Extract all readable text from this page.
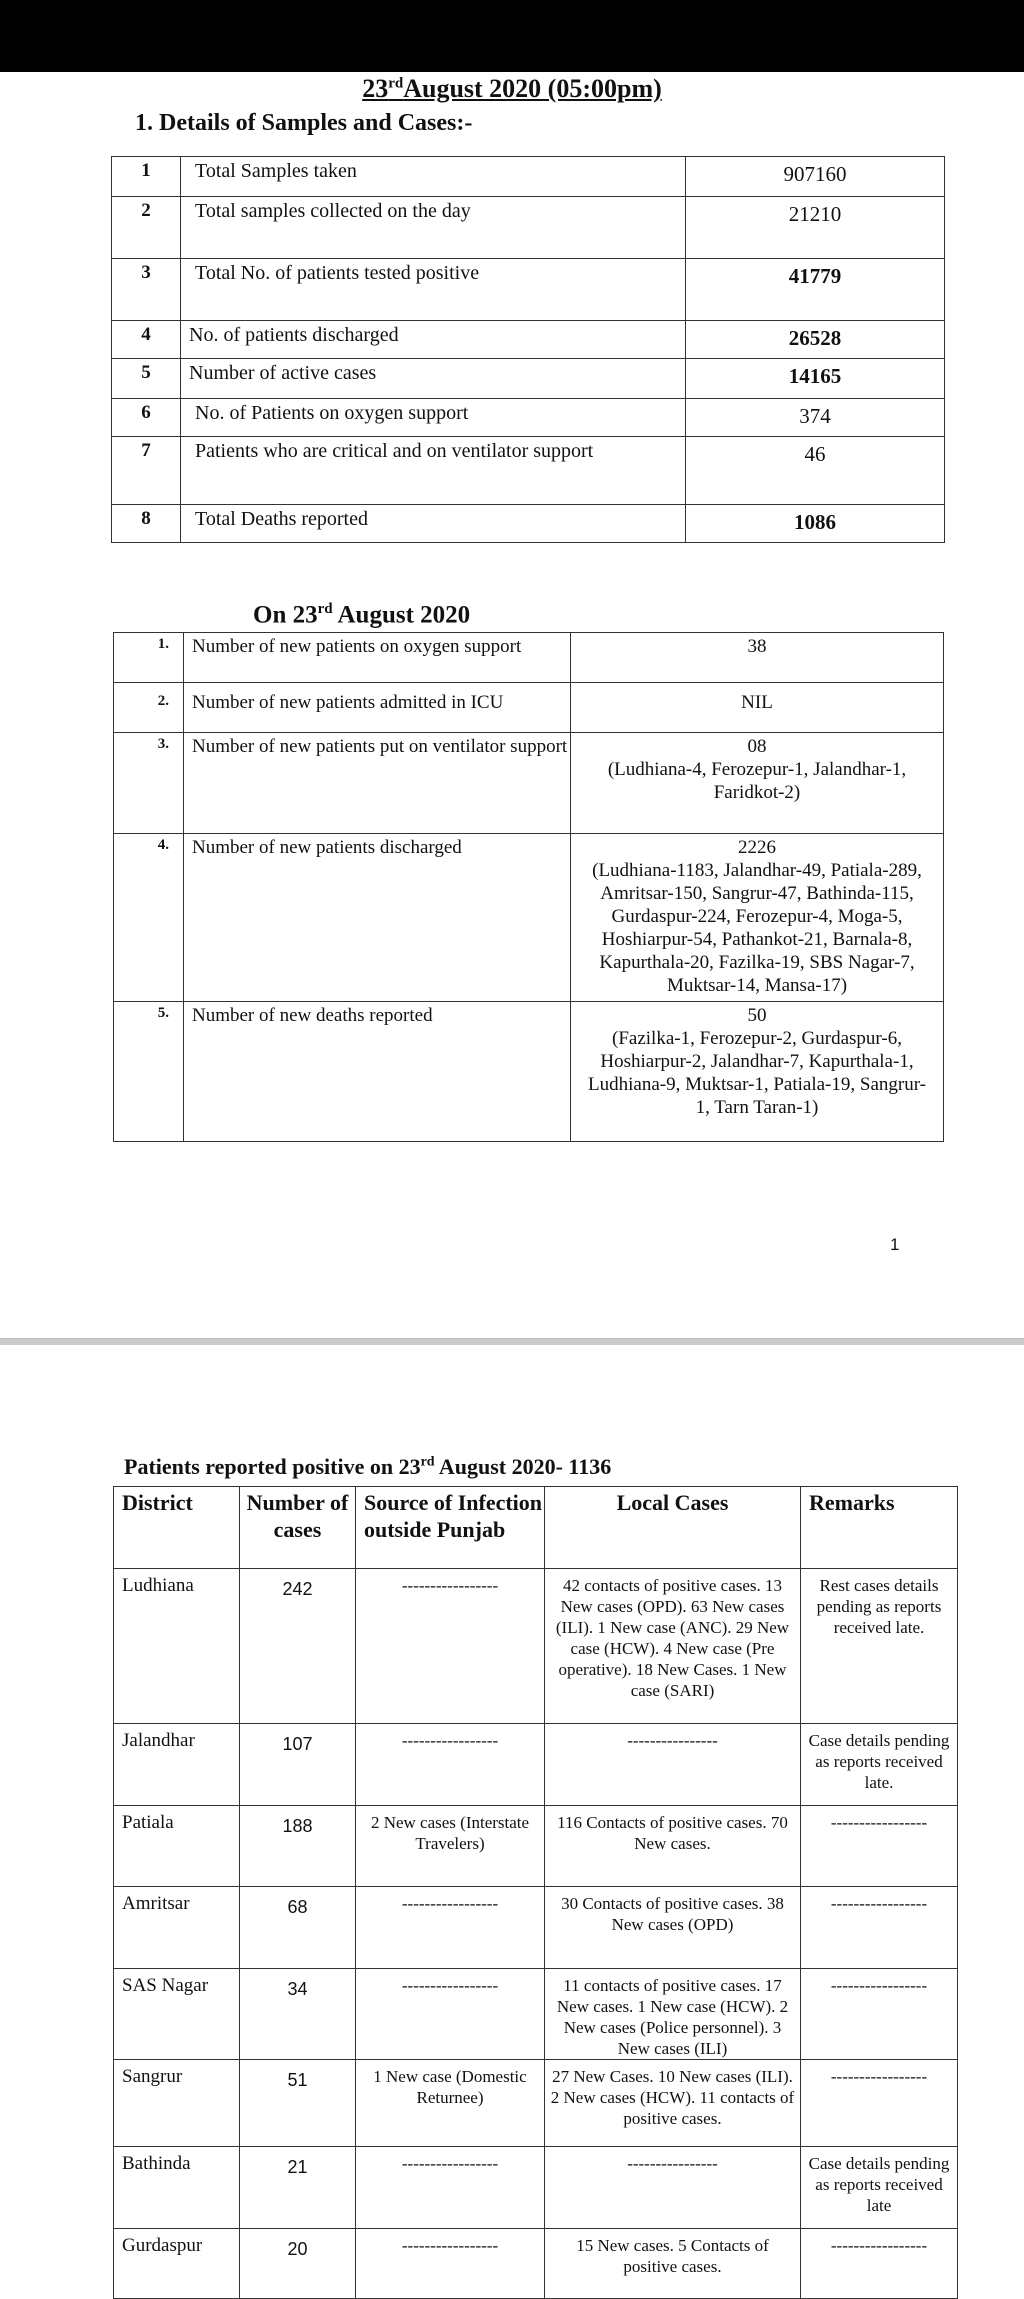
23rdAugust 2020 (05:00pm)
1. Details of Samples and Cases:-
1	Total Samples taken	907160
2	Total samples collected on the day	21210
3	Total No. of patients tested positive	41779
4	No. of patients discharged	26528
5	Number of active cases	14165
6	No. of Patients on oxygen support	374
7	Patients who are critical and on ventilator support	46
8	Total Deaths reported	1086
On 23rd August 2020
1.	Number of new patients on oxygen support	38

2.	Number of new patients admitted in ICU	NIL

3.	Number of new patients put on ventilator support	08
(Ludhiana-4, Ferozepur-1, Jalandhar-1, Faridkot-2)

4.	Number of new patients discharged	2226
(Ludhiana-1183, Jalandhar-49, Patiala-289, Amritsar-150, Sangrur-47, Bathinda-115, Gurdaspur-224, Ferozepur-4, Moga-5, Hoshiarpur-54, Pathankot-21, Barnala-8, Kapurthala-20, Fazilka-19, SBS Nagar-7, Muktsar-14, Mansa-17)

5.	Number of new deaths reported	50
(Fazilka-1, Ferozepur-2, Gurdaspur-6, Hoshiarpur-2, Jalandhar-7, Kapurthala-1, Ludhiana-9, Muktsar-1, Patiala-19, Sangrur-1, Tarn Taran-1)
1
Patients reported positive on 23rd August 2020- 1136
District	Number of cases	Source of Infection outside Punjab	Local Cases	Remarks
Ludhiana	242	-----------------	42 contacts of positive cases. 13 New cases (OPD). 63 New cases (ILI). 1 New case (ANC). 29 New case (HCW). 4 New case (Pre operative). 18 New Cases. 1 New case (SARI)	Rest cases details pending as reports received late.
Jalandhar	107	-----------------	----------------	Case details pending as reports received late.
Patiala	188	2 New cases (Interstate Travelers)	116 Contacts of positive cases. 70 New cases.	-----------------
Amritsar	68	-----------------	30 Contacts of positive cases. 38 New cases (OPD)	-----------------
SAS Nagar	34	-----------------	11 contacts of positive cases. 17 New cases. 1 New case (HCW). 2 New cases (Police personnel). 3 New cases (ILI)	-----------------
Sangrur	51	1 New case (Domestic Returnee)	27 New Cases. 10 New cases (ILI). 2 New cases (HCW). 11 contacts of positive cases.	-----------------
Bathinda	21	-----------------	----------------	Case details pending as reports received late
Gurdaspur	20	-----------------	15 New cases. 5 Contacts of positive cases.	-----------------
